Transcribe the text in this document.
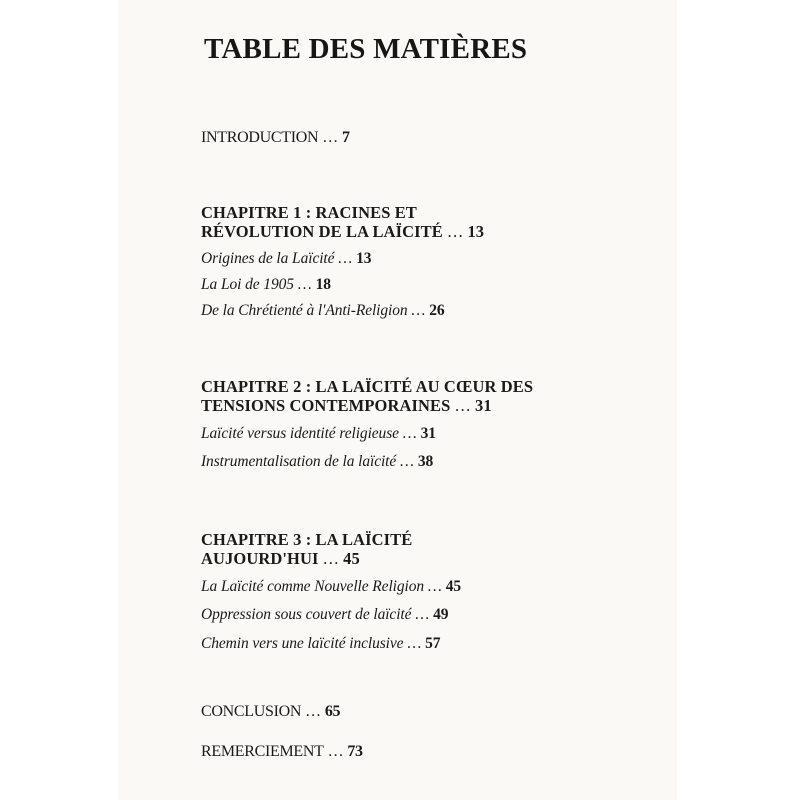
TABLE DES MATIÈRES
INTRODUCTION … 7
CHAPITRE 1 : RACINES ET
RÉVOLUTION DE LA LAÏCITÉ … 13
Origines de la Laïcité … 13
La Loi de 1905 … 18
De la Chrétienté à l'Anti-Religion … 26
CHAPITRE 2 : LA LAÏCITÉ AU CŒUR DES
TENSIONS CONTEMPORAINES … 31
Laïcité versus identité religieuse … 31
Instrumentalisation de la laïcité … 38
CHAPITRE 3 : LA LAÏCITÉ
AUJOURD'HUI … 45
La Laïcité comme Nouvelle Religion … 45
Oppression sous couvert de laïcité … 49
Chemin vers une laïcité inclusive … 57
CONCLUSION … 65
REMERCIEMENT … 73
